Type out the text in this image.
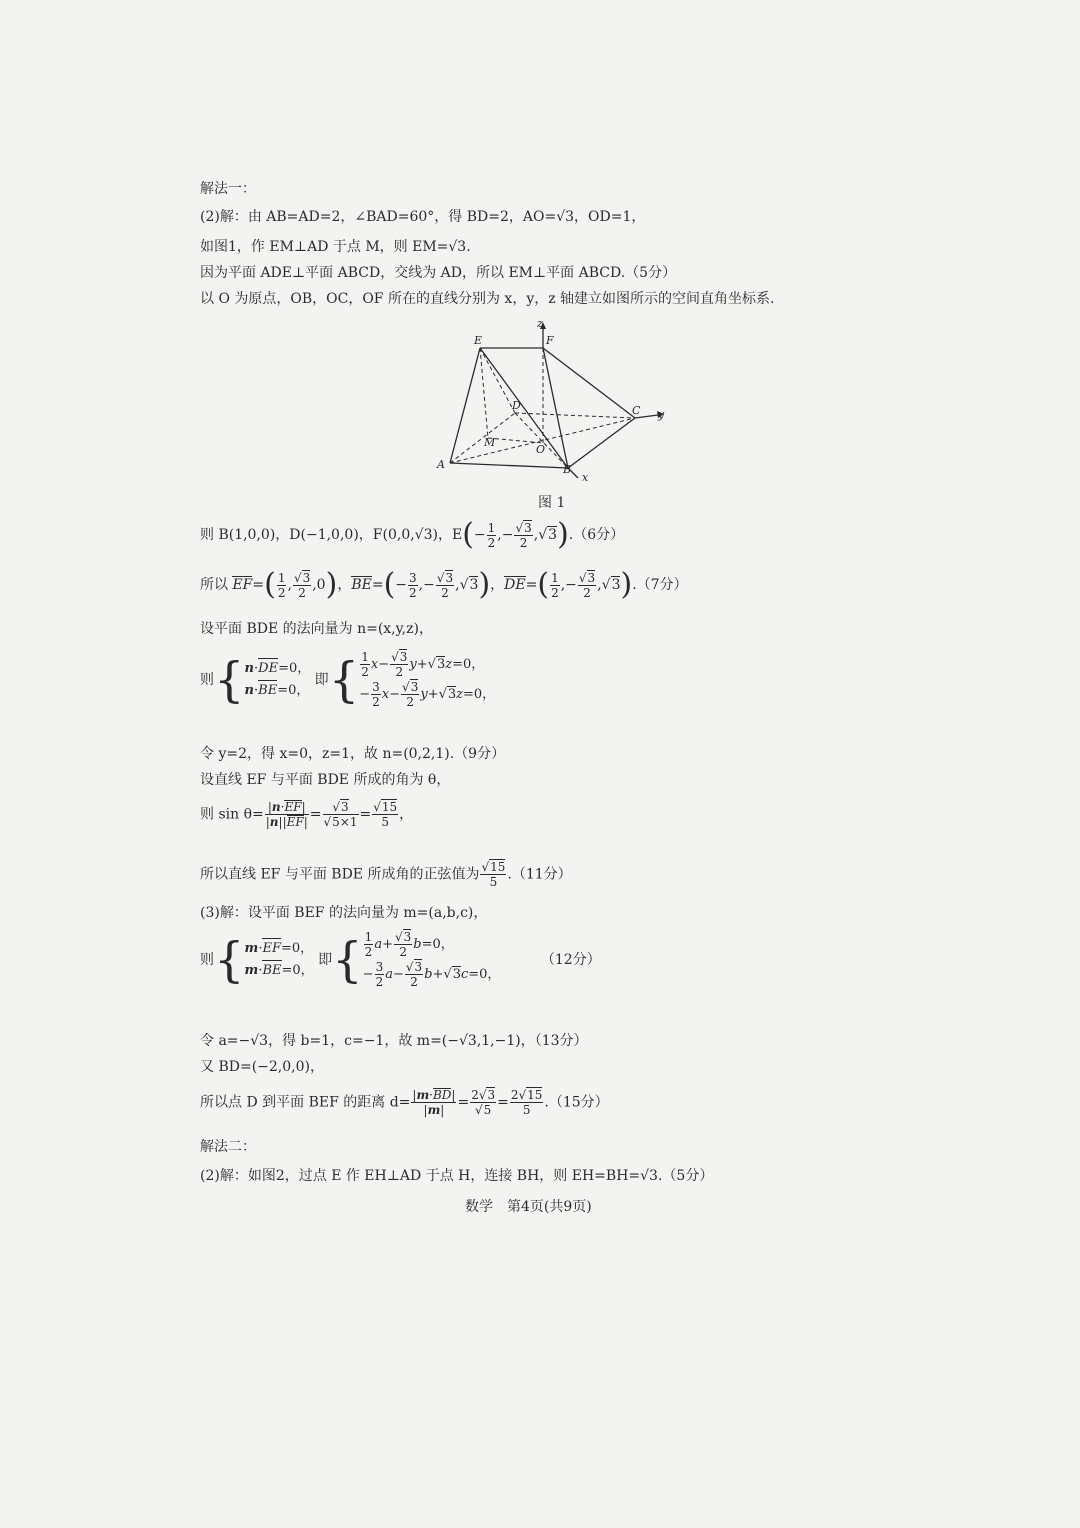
解法一：
(2)解：由 AB=AD=2，∠BAD=60°，得 BD=2，AO=√3，OD=1，
如图1，作 EM⊥AD 于点 M，则 EM=√3.
因为平面 ADE⊥平面 ABCD，交线为 AD，所以 EM⊥平面 ABCD.（5分）
以 O 为原点，OB，OC，OF 所在的直线分别为 x，y，z 轴建立如图所示的空间直角坐标系.
E	F
D	C
M
O
A	B
x
y
z
图 1
则 B(1,0,0)，D(−1,0,0)，F(0,0,√3)，$E(- \frac{1}{2}$ ,− $\frac{√3}{2} ,√3).(6$分）
所以 $EF=( \frac{1}{2}$ , $\frac{√3}{2} ,0$)，$BE=(- \frac{3}{2}$ ,− $\frac{√3}{2} ,√3$)，$DE=( \frac{1}{2}$ ,− $\frac{√3}{2} ,√3).(7$分）
设平面 BDE 的法向量为 n=(x,y,z)，
则{n·DE=0，
n·BE=0， 即{ $\frac{1}{2} x- \frac{√3}{2} y+√3z=0$，
− $\frac{3}{2} x- \frac{√3}{2} y+√3z=0$，
令 y=2，得 x=0，z=1，故 n=(0,2,1).（9分）
设直线 EF 与平面 BDE 所成的角为 θ，
则 $\sin \theta= \frac{|n\cdot EF|}{|n||EF|} = \frac{√3}{√5\times 1} = \frac{√15}{5}$ ，
所以直线 EF 与平面 BDE 所成角的正弦值为 $\frac{√15}{5} .(11$分）
(3)解：设平面 BEF 的法向量为 m=(a,b,c)，
则{m·EF=0，
m·BE=0， 即{ $\frac{1}{2} a+ \frac{√3}{2} b=0$，
− $\frac{3}{2} a- \frac{√3}{2} b+√3c=0$， （12分）
令 a=−√3，得 b=1，c=−1，故 m=(−√3,1,−1)，（13分）
又 BD=(−2,0,0)，
所以点 D 到平面 BEF 的距离 $d= \frac{|m\cdot BD|}{|m|} = \frac{2√3}{√5} = \frac{2√15}{5} .(15$分）
解法二：
(2)解：如图2，过点 E 作 EH⊥AD 于点 H，连接 BH，则 EH=BH=√3.（5分）
数学　第4页(共9页)
